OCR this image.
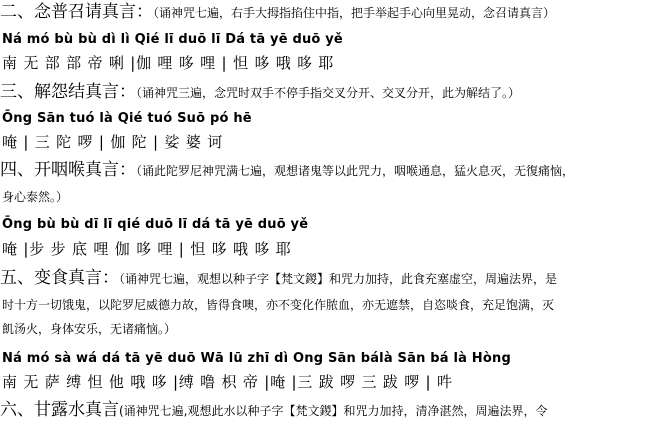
二、念普召请真言：（诵神咒七遍，右手大拇指掐住中指，把手举起手心向里晃动，念召请真言）
Ná mó bù bù dì lì Qié lī duō lī Dá tā yē duō yě
南 无 部 部 帝 唎 |伽 哩 哆 哩 | 怛 哆 哦 哆 耶
三、解怨结真言：（诵神咒三遍，念咒时双手不停手指交叉分开、交叉分开，此为解结了。）
Ōng Sān tuó là Qié tuó Suō pó hē
唵 | 三 陀 啰 | 伽 陀 | 娑 婆 诃
四、开咽喉真言：（诵此陀罗尼神咒满七遍，观想诸鬼等以此咒力，咽喉通息，猛火息灭，无復痛恼，
身心泰然。）
Ōng bù bù dī lī qié duō lī dá tā yē duō yě
唵 |步 步 底 哩 伽 哆 哩 | 怛 哆 哦 哆 耶
五、变食真言：（诵神咒七遍，观想以种子字【梵文鍐】和咒力加持，此食充塞虚空，周遍法界，是
时十方一切饿鬼，以陀罗尼威德力故，皆得食噢，亦不变化作脓血，亦无遮禁，自恣啖食，充足饱满，灭
飢汤火，身体安乐，无诸痛恼。）
Ná mó sà wá dá tā yē duō Wā lū zhī dì Ong Sān bálà Sān bá là Hòng
南 无 萨 缚 怛 他 哦 哆 |缚 噜 枳 帝 |唵 |三 跋 啰 三 跋 啰 | 吽
六、甘露水真言(诵神咒七遍,观想此水以种子字【梵文鍐】和咒力加持，清净湛然，周遍法界，令
